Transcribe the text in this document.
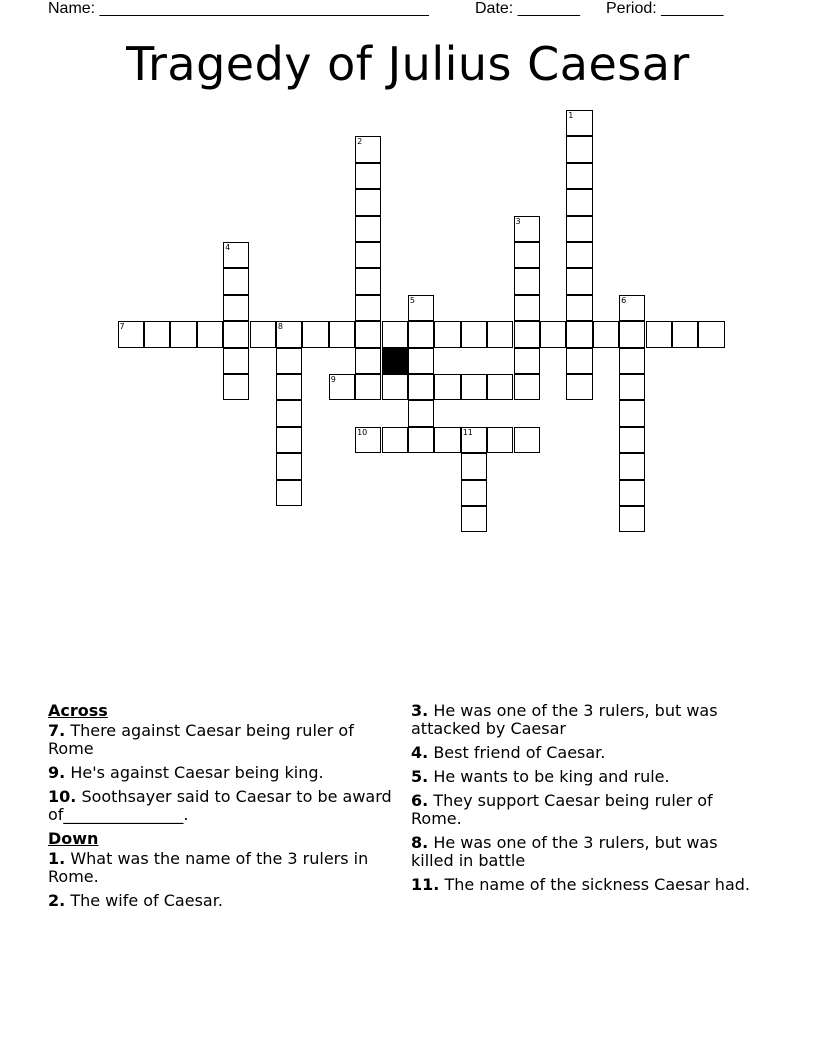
Name: _____________________________________	Date: _______ Period: _______
Tragedy of Julius Caesar
1
2
3
4
5	6
7	8
9
10	11
Across
7. There against Caesar being ruler of Rome
9. He's against Caesar being king.
10. Soothsayer said to Caesar to be award of_______________.
Down
1. What was the name of the 3 rulers in Rome.
2. The wife of Caesar.
3. He was one of the 3 rulers, but was attacked by Caesar
4. Best friend of Caesar.
5. He wants to be king and rule.
6. They support Caesar being ruler of Rome.
8. He was one of the 3 rulers, but was killed in battle
11. The name of the sickness Caesar had.
